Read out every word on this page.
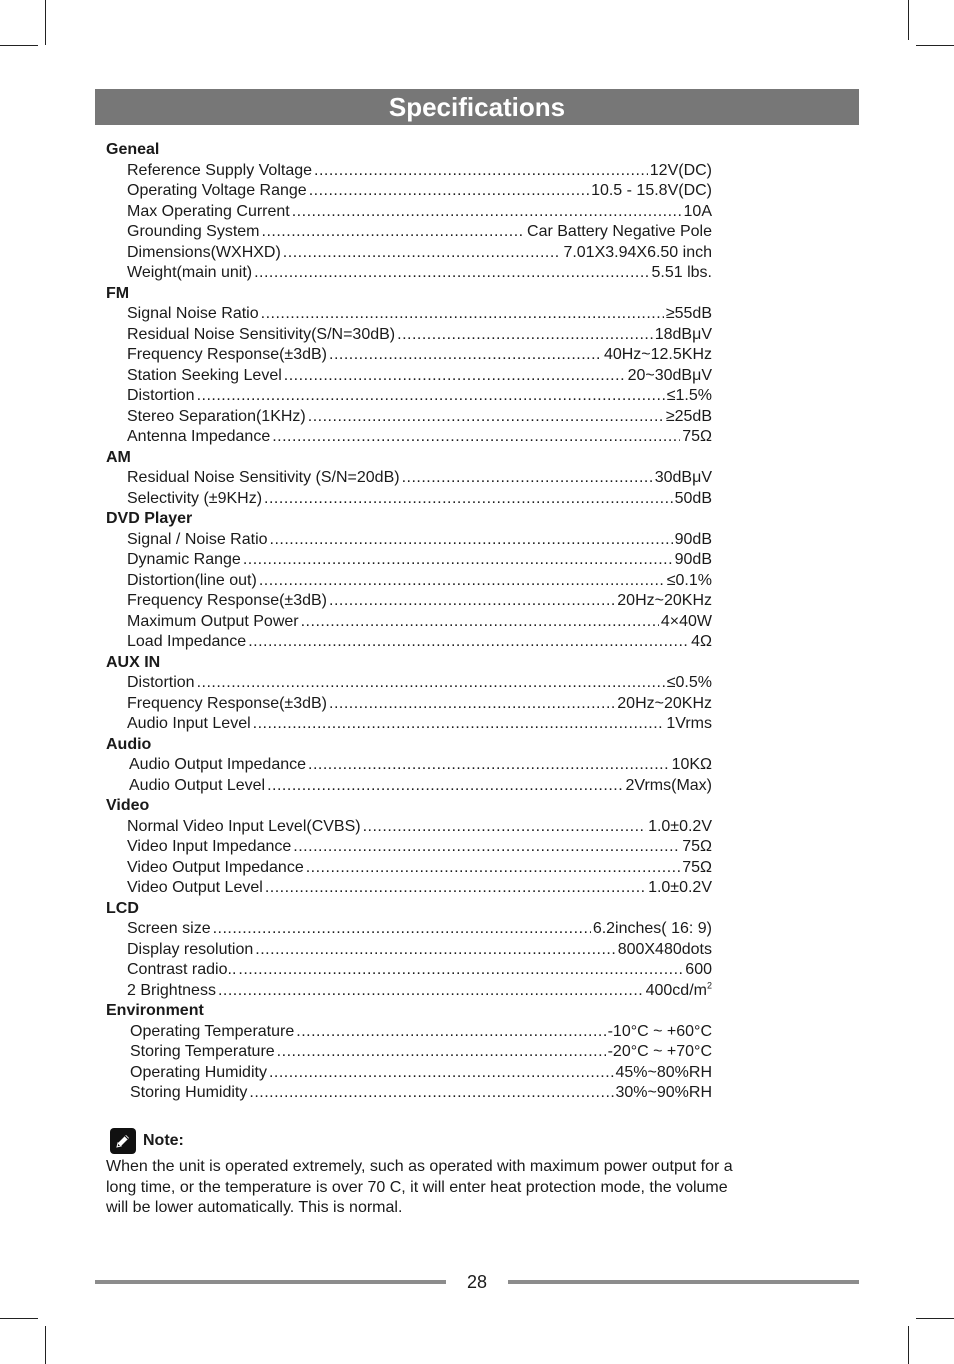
Specifications
Geneal
Reference Supply Voltage .....	12V(DC)
Operating Voltage Range .....	10.5 - 15.8V(DC)
Max Operating Current .....	10A
Grounding System .....	Car Battery Negative Pole
Dimensions(WXHXD) .....	7.01X3.94X6.50 inch
Weight(main unit) .....	5.51 lbs.
FM
Signal Noise Ratio .....	≥55dB
Residual Noise Sensitivity(S/N=30dB) .....	18dBμV
Frequency Response(±3dB) .....	40Hz~12.5KHz
Station Seeking Level .....	20~30dBμV
Distortion .....	≤1.5%
Stereo Separation(1KHz) .....	≥25dB
Antenna Impedance .....	75Ω
AM
Residual Noise Sensitivity (S/N=20dB) .....	30dBμV
Selectivity (±9KHz) .....	50dB
DVD Player
Signal / Noise Ratio .....	90dB
Dynamic Range .....	90dB
Distortion(line out) .....	≤0.1%
Frequency Response(±3dB) .....	20Hz~20KHz
Maximum Output Power .....	4×40W
Load Impedance .....	4Ω
AUX IN
Distortion .....	≤0.5%
Frequency Response(±3dB) .....	20Hz~20KHz
Audio Input Level .....	1Vrms
Audio
Audio Output Impedance .....	10KΩ
Audio Output Level .....	2Vrms(Max)
Video
Normal Video Input Level(CVBS) .....	1.0±0.2V
Video Input Impedance .....	75Ω
Video Output Impedance .....	75Ω
Video Output Level .....	1.0±0.2V
LCD
Screen size .....	6.2inches( 16: 9)
Display resolution .....	800X480dots
Contrast radio.. .....	600
2 Brightness .....	$400cd/m^2$
Environment
Operating Temperature .....	-10°C ~ +60°C
Storing Temperature .....	-20°C ~ +70°C
Operating Humidity .....	45%~80%RH
Storing Humidity .....	30%~90%RH
Note:
When the unit is operated extremely, such as operated with maximum power output for a
long time, or the temperature is over 70 C, it will enter heat protection mode, the volume
will be lower automatically. This is normal.
28
